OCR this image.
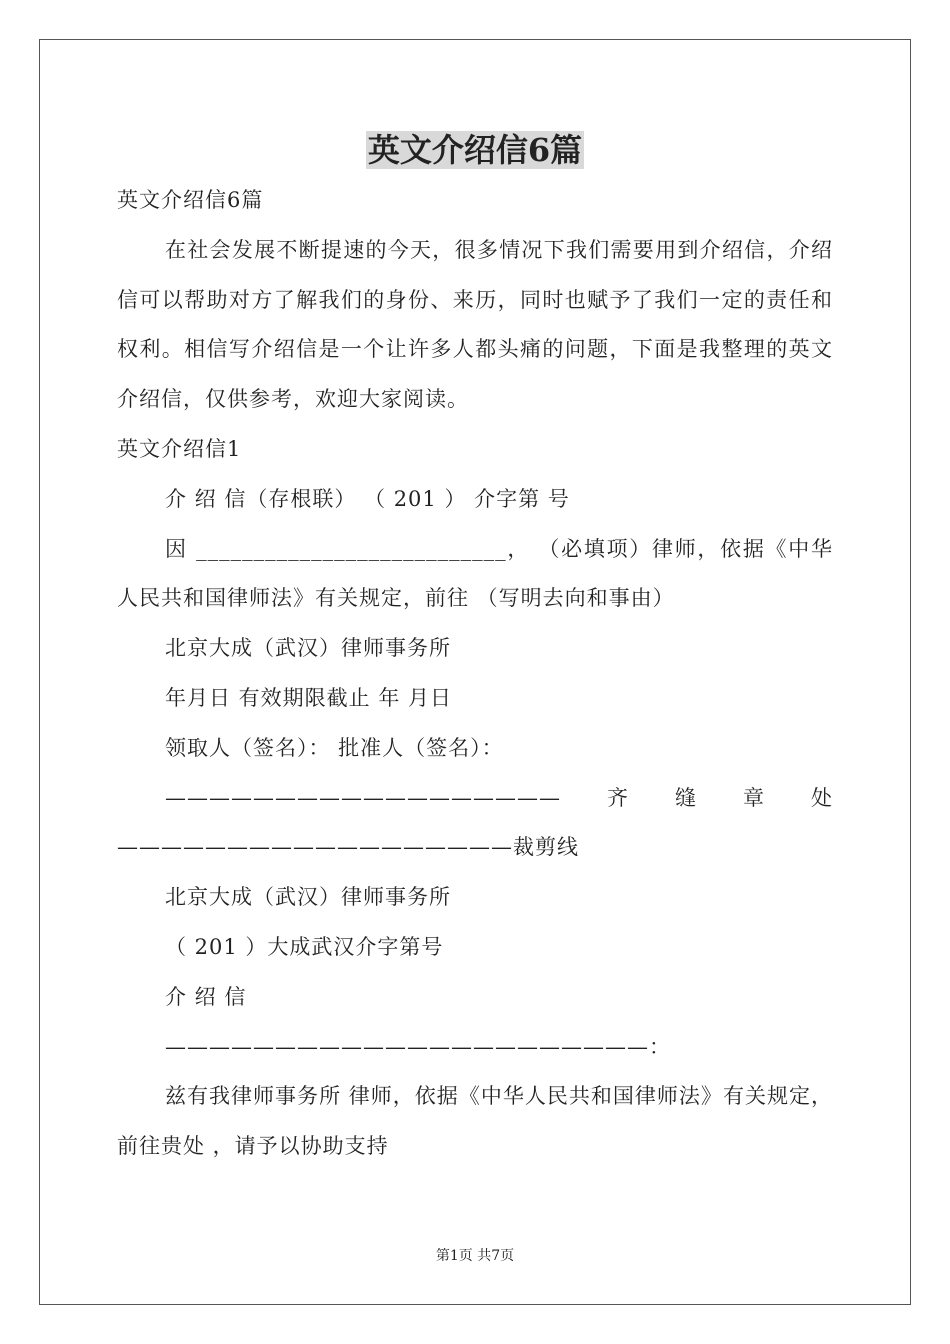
英文介绍信6篇

英文介绍信6篇

在社会发展不断提速的今天，很多情况下我们需要用到介绍信，介绍信可以帮助对方了解我们的身份、来历，同时也赋予了我们一定的责任和权利。相信写介绍信是一个让许多人都头痛的问题，下面是我整理的英文介绍信，仅供参考，欢迎大家阅读。

英文介绍信1

介 绍 信（存根联） （ 201 ） 介字第 号

因 ___________________________， （必填项）律师，依据《中华人民共和国律师法》有关规定，前往 （写明去向和事由）

北京大成（武汉）律师事务所

年月日 有效期限截止 年 月日

领取人（签名）： 批准人（签名）：

——————————————————齐缝章处——————————————————裁剪线

北京大成（武汉）律师事务所

（ 201 ）大成武汉介字第号

介 绍 信

——————————————————————：

兹有我律师事务所 律师，依据《中华人民共和国律师法》有关规定，前往贵处 ，请予以协助支持

第1页 共7页
